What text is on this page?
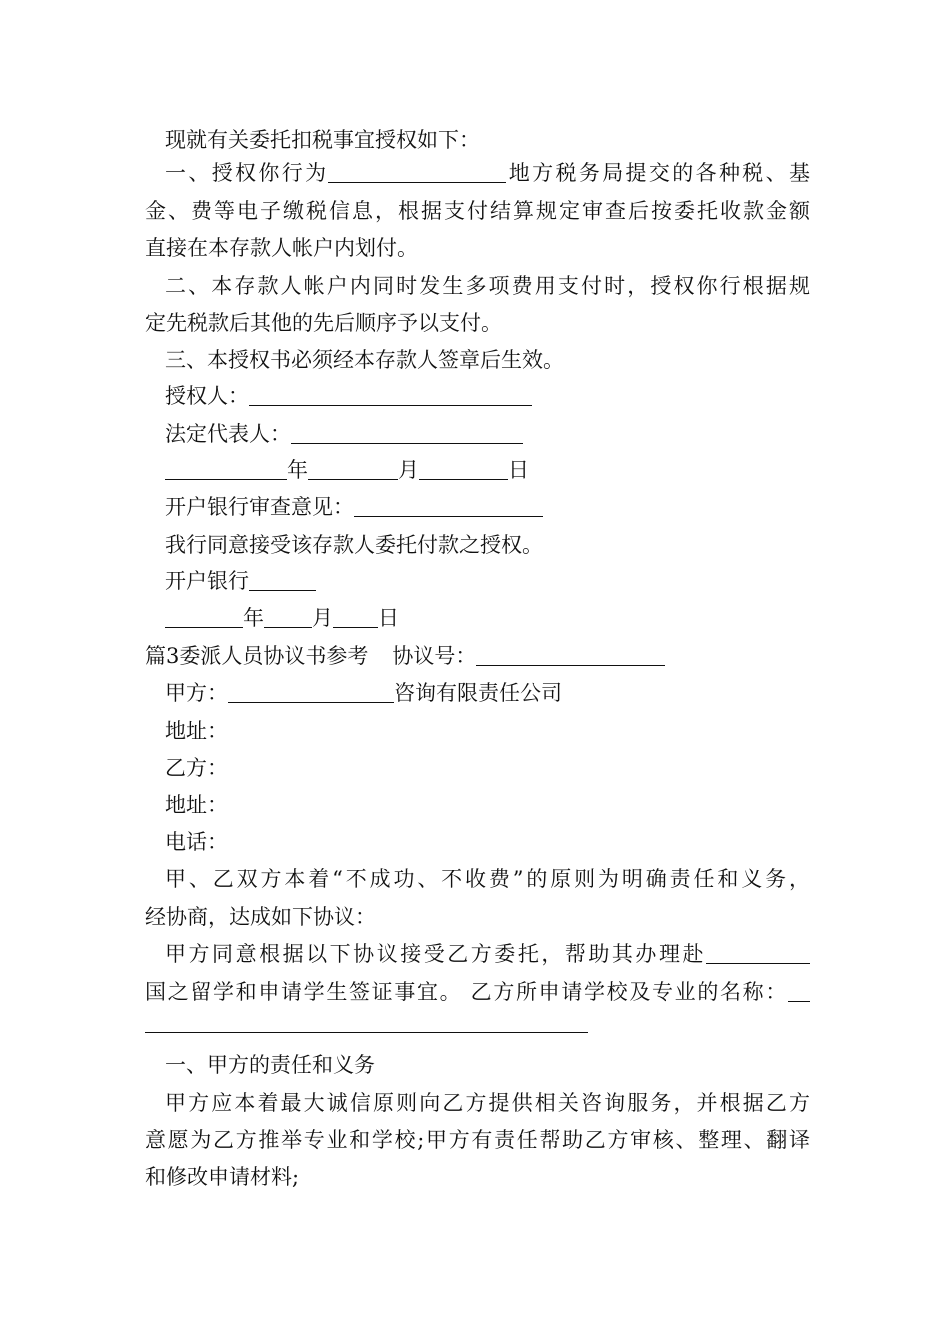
现就有关委托扣税事宜授权如下：
一、授权你行为	地方税务局提交的各种税、基
金、费等电子缴税信息，根据支付结算规定审查后按委托收款金额
直接在本存款人帐户内划付。
二、本存款人帐户内同时发生多项费用支付时，授权你行根据规
定先税款后其他的先后顺序予以支付。
三、本授权书必须经本存款人签章后生效。
授权人：
法定代表人：
年	月	日
开户银行审查意见：
我行同意接受该存款人委托付款之授权。
开户银行
年 月 日
篇3委派人员协议书参考 协议号：
甲方：	咨询有限责任公司
地址：
乙方：
地址：
电话：
甲、乙双方本着“不成功、不收费”的原则为明确责任和义务，
经协商，达成如下协议：
甲方同意根据以下协议接受乙方委托，帮助其办理赴
国之留学和申请学生签证事宜。 乙方所申请学校及专业的名称：
一、甲方的责任和义务
甲方应本着最大诚信原则向乙方提供相关咨询服务，并根据乙方
意愿为乙方推举专业和学校;甲方有责任帮助乙方审核、整理、翻译
和修改申请材料;
